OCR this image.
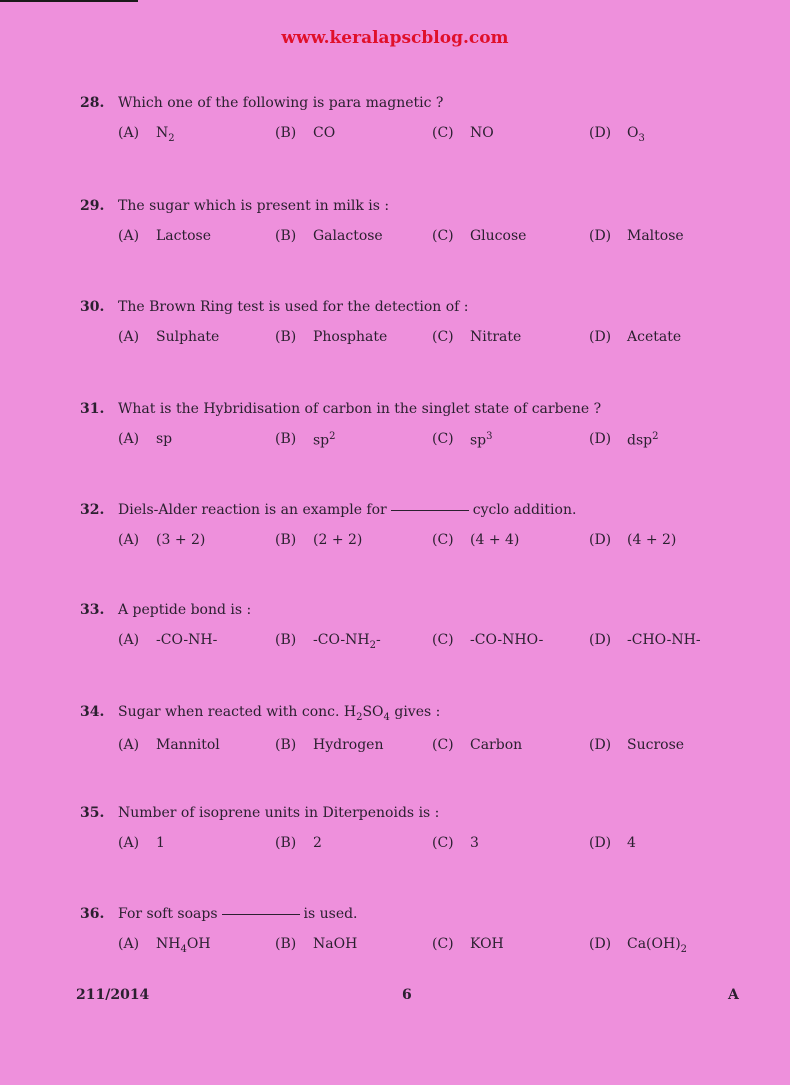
www.keralapscblog.com
28. Which one of the following is para magnetic ?
(A)	$N_2$	(B)	CO	(C)	NO	(D)	$O_3$
29. The sugar which is present in milk is :
(A)	Lactose	(B)	Galactose	(C)	Glucose	(D)	Maltose
30. The Brown Ring test is used for the detection of :
(A)	Sulphate	(B)	Phosphate	(C)	Nitrate	(D)	Acetate
31. What is the Hybridisation of carbon in the singlet state of carbene ?
(A)	sp	(B)	$sp^2$	(C)	$sp^3$	(D)	dsp$^2$
32. Diels-Alder reaction is an example for	cyclo addition.
(A)	(3 + 2)	(B)	(2 + 2)	(C)	(4 + 4)	(D)	(4 + 2)
33. A peptide bond is :
(A)	-CO-NH-	(B)	$-CO-NH_2-$	(C)	-CO-NHO-	(D)	-CHO-NH-
34. Sugar when reacted with conc. $H_2SO_4$ gives :
(A)	Mannitol	(B)	Hydrogen	(C)	Carbon	(D)	Sucrose
35. Number of isoprene units in Diterpenoids is :
(A)	1	(B)	2	(C)	3	(D)	4
36. For soft soaps	is used.
(A)	$NH_4OH$	(B)	NaOH	(C)	KOH	(D)	$Ca(OH)_2$
211/2014	6	A
